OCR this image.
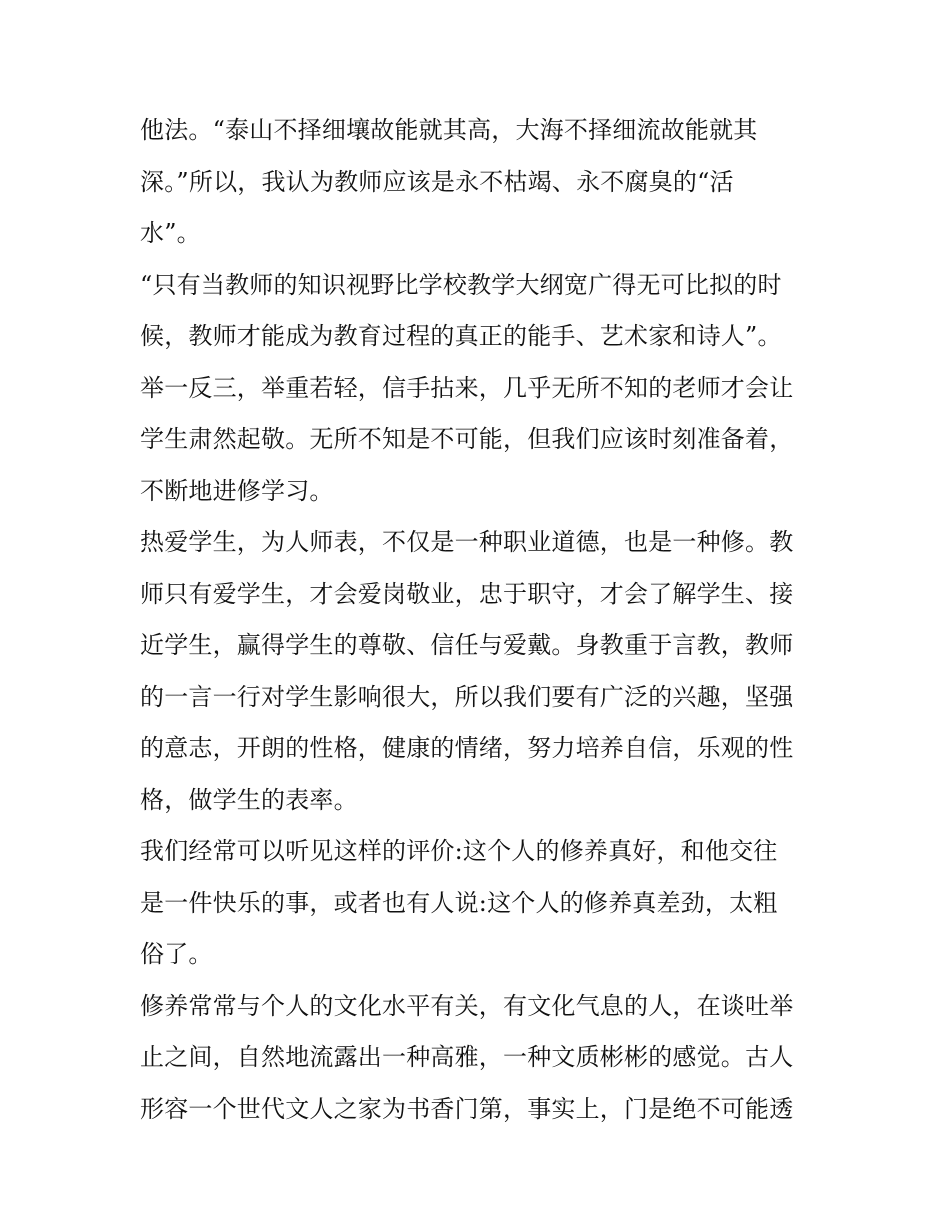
他法。“泰山不择细壤故能就其高，大海不择细流故能就其
深。”所以，我认为教师应该是永不枯竭、永不腐臭的“活
水”。
“只有当教师的知识视野比学校教学大纲宽广得无可比拟的时
候，教师才能成为教育过程的真正的能手、艺术家和诗人”。
举一反三，举重若轻，信手拈来，几乎无所不知的老师才会让
学生肃然起敬。无所不知是不可能，但我们应该时刻准备着，
不断地进修学习。
热爱学生，为人师表，不仅是一种职业道德，也是一种修。教
师只有爱学生，才会爱岗敬业，忠于职守，才会了解学生、接
近学生，赢得学生的尊敬、信任与爱戴。身教重于言教，教师
的一言一行对学生影响很大，所以我们要有广泛的兴趣，坚强
的意志，开朗的性格，健康的情绪，努力培养自信，乐观的性
格，做学生的表率。
我们经常可以听见这样的评价:这个人的修养真好，和他交往
是一件快乐的事，或者也有人说:这个人的修养真差劲，太粗
俗了。
修养常常与个人的文化水平有关，有文化气息的人，在谈吐举
止之间，自然地流露出一种高雅，一种文质彬彬的感觉。古人
形容一个世代文人之家为书香门第，事实上，门是绝不可能透
